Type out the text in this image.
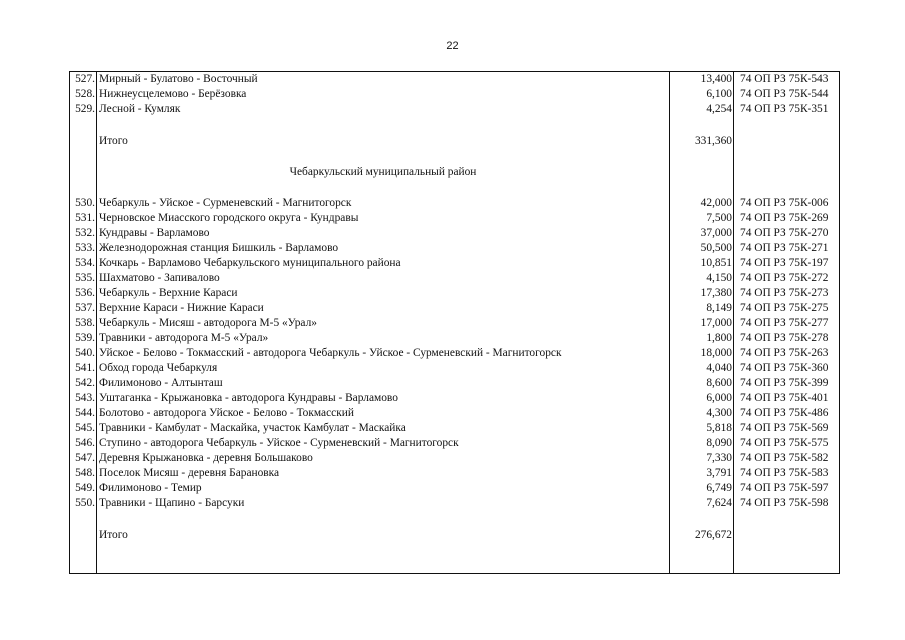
22
527. Мирный - Булатово - Восточный	13,400 74 ОП РЗ 75К-543
528. Нижнеусцелемово - Берёзовка	6,100 74 ОП РЗ 75К-544
529. Лесной - Кумляк	4,254 74 ОП РЗ 75К-351
Итого	331,360
Чебаркульский муниципальный район
530. Чебаркуль - Уйское - Сурменевский - Магнитогорск	42,000 74 ОП РЗ 75К-006
531. Черновское Миасского городского округа - Кундравы	7,500 74 ОП РЗ 75К-269
532. Кундравы - Варламово	37,000 74 ОП РЗ 75К-270
533. Железнодорожная станция Бишкиль - Варламово	50,500 74 ОП РЗ 75К-271
534. Кочкарь - Варламово Чебаркульского муниципального района	10,851 74 ОП РЗ 75К-197
535. Шахматово - Запивалово	4,150 74 ОП РЗ 75К-272
536. Чебаркуль - Верхние Караси	17,380 74 ОП РЗ 75К-273
537. Верхние Караси - Нижние Караси	8,149 74 ОП РЗ 75К-275
538. Чебаркуль - Мисяш - автодорога М-5 «Урал»	17,000 74 ОП РЗ 75К-277
539. Травники - автодорога М-5 «Урал»	1,800 74 ОП РЗ 75К-278
540. Уйское - Белово - Токмасский - автодорога Чебаркуль - Уйское - Сурменевский - Магнитогорск	18,000 74 ОП РЗ 75К-263
541. Обход города Чебаркуля	4,040 74 ОП РЗ 75К-360
542. Филимоново - Алтынташ	8,600 74 ОП РЗ 75К-399
543. Уштаганка - Крыжановка - автодорога Кундравы - Варламово	6,000 74 ОП РЗ 75К-401
544. Болотово - автодорога Уйское - Белово - Токмасский	4,300 74 ОП РЗ 75К-486
545. Травники - Камбулат - Маскайка, участок Камбулат - Маскайка	5,818 74 ОП РЗ 75К-569
546. Ступино - автодорога Чебаркуль - Уйское - Сурменевский - Магнитогорск	8,090 74 ОП РЗ 75К-575
547. Деревня Крыжановка - деревня Большаково	7,330 74 ОП РЗ 75К-582
548. Поселок Мисяш - деревня Барановка	3,791 74 ОП РЗ 75К-583
549. Филимоново - Темир	6,749 74 ОП РЗ 75К-597
550. Травники - Щапино - Барсуки	7,624 74 ОП РЗ 75К-598
Итого	276,672
